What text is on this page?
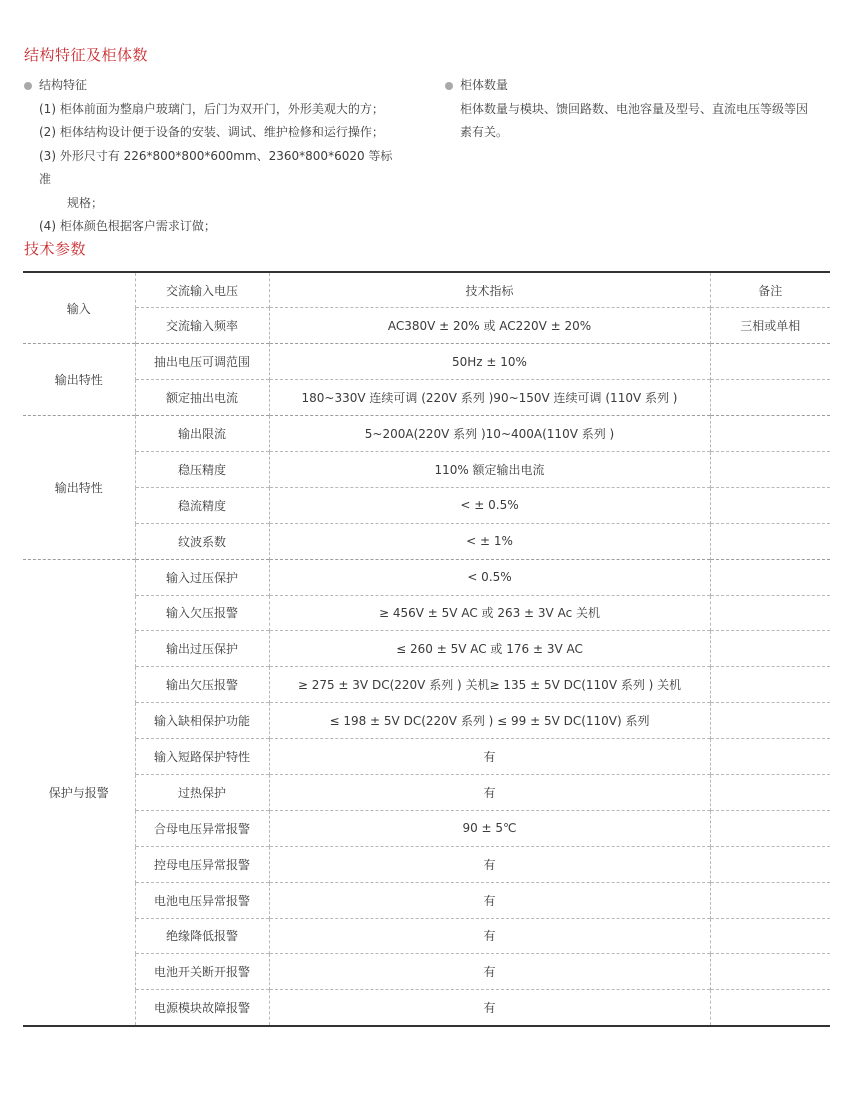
结构特征及柜体数
结构特征
(1) 柜体前面为整扇户玻璃门，后门为双开门，外形美观大的方；
(2) 柜体结构设计便于设备的安装、调试、维护检修和运行操作；
(3) 外形尺寸有 226*800*800*600mm、2360*800*6020 等标准
规格；
(4) 柜体颜色根据客户需求订做；
柜体数量
柜体数量与模块、馈回路数、电池容量及型号、直流电压等级等因
素有关。
技术参数
输入	交流输入电压	技术指标	备注
	交流输入频率	AC380V ± 20% 或 AC220V ± 20%	三相或单相
输出特性	抽出电压可调范围	50Hz ± 10%	
	额定抽出电流	180~330V 连续可调 (220V 系列 )90~150V 连续可调 (110V 系列 )	
输出特性	输出限流	5~200A(220V 系列 )10~400A(110V 系列 )	
	稳压精度	110% 额定输出电流	
	稳流精度	< ± 0.5%	
	纹波系数	< ± 1%	
保护与报警	输入过压保护	< 0.5%	
	输入欠压报警	≥ 456V ± 5V AC 或 263 ± 3V Ac 关机	
	输出过压保护	≤ 260 ± 5V AC 或 176 ± 3V AC	
	输出欠压报警	≥ 275 ± 3V DC(220V 系列 ) 关机≥ 135 ± 5V DC(110V 系列 ) 关机	
	输入缺相保护功能	≤ 198 ± 5V DC(220V 系列 ) ≤ 99 ± 5V DC(110V) 系列	
	输入短路保护特性	有	
	过热保护	有	
	合母电压异常报警	90 ± 5℃	
	控母电压异常报警	有	
	电池电压异常报警	有	
	绝缘降低报警	有	
	电池开关断开报警	有	
	电源模块故障报警	有	
